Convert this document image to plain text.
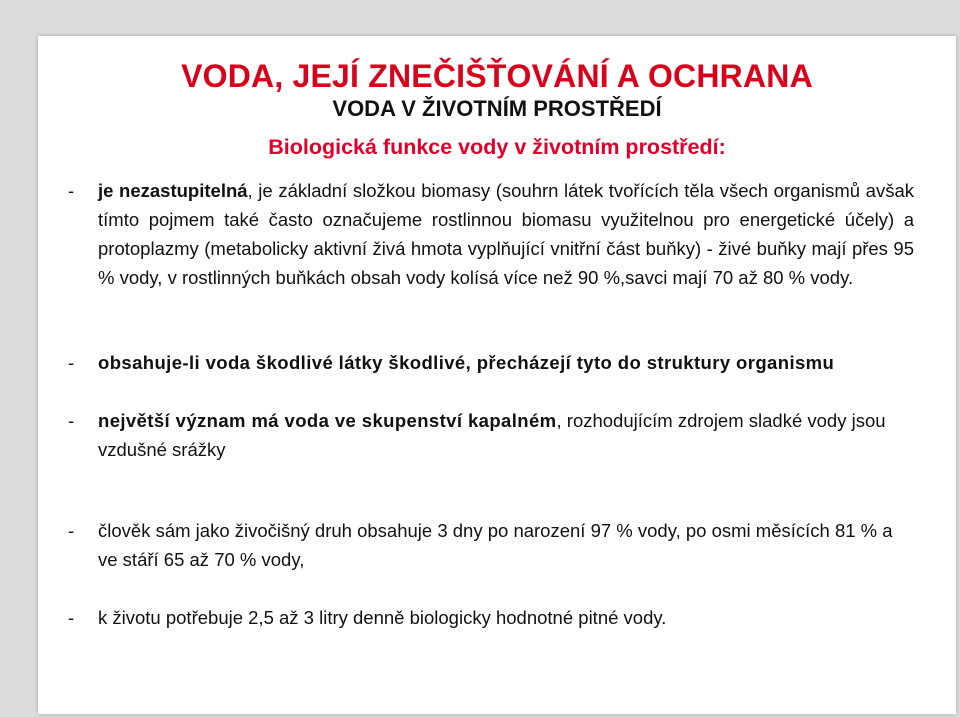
VODA, JEJÍ ZNEČIŠŤOVÁNÍ A OCHRANA
VODA V ŽIVOTNÍM PROSTŘEDÍ
Biologická funkce vody v životním prostředí:
- je nezastupitelná, je základní složkou biomasy (souhrn látek tvořících těla všech organismů avšak tímto pojmem také často označujeme rostlinnou biomasu využitelnou pro energetické účely) a protoplazmy (metabolicky aktivní živá hmota vyplňující vnitřní část buňky) - živé buňky mají přes 95 % vody, v rostlinných buňkách obsah vody kolísá více než 90 %,savci mají 70 až 80 % vody.
- obsahuje-li voda škodlivé látky škodlivé, přecházejí tyto do struktury organismu
- největší význam má voda ve skupenství kapalném, rozhodujícím zdrojem sladké vody jsou vzdušné srážky
- člověk sám jako živočišný druh obsahuje 3 dny po narození 97 % vody, po osmi měsících 81 % a ve stáří 65 až 70 % vody,
- k životu potřebuje 2,5 až 3 litry denně biologicky hodnotné pitné vody.
